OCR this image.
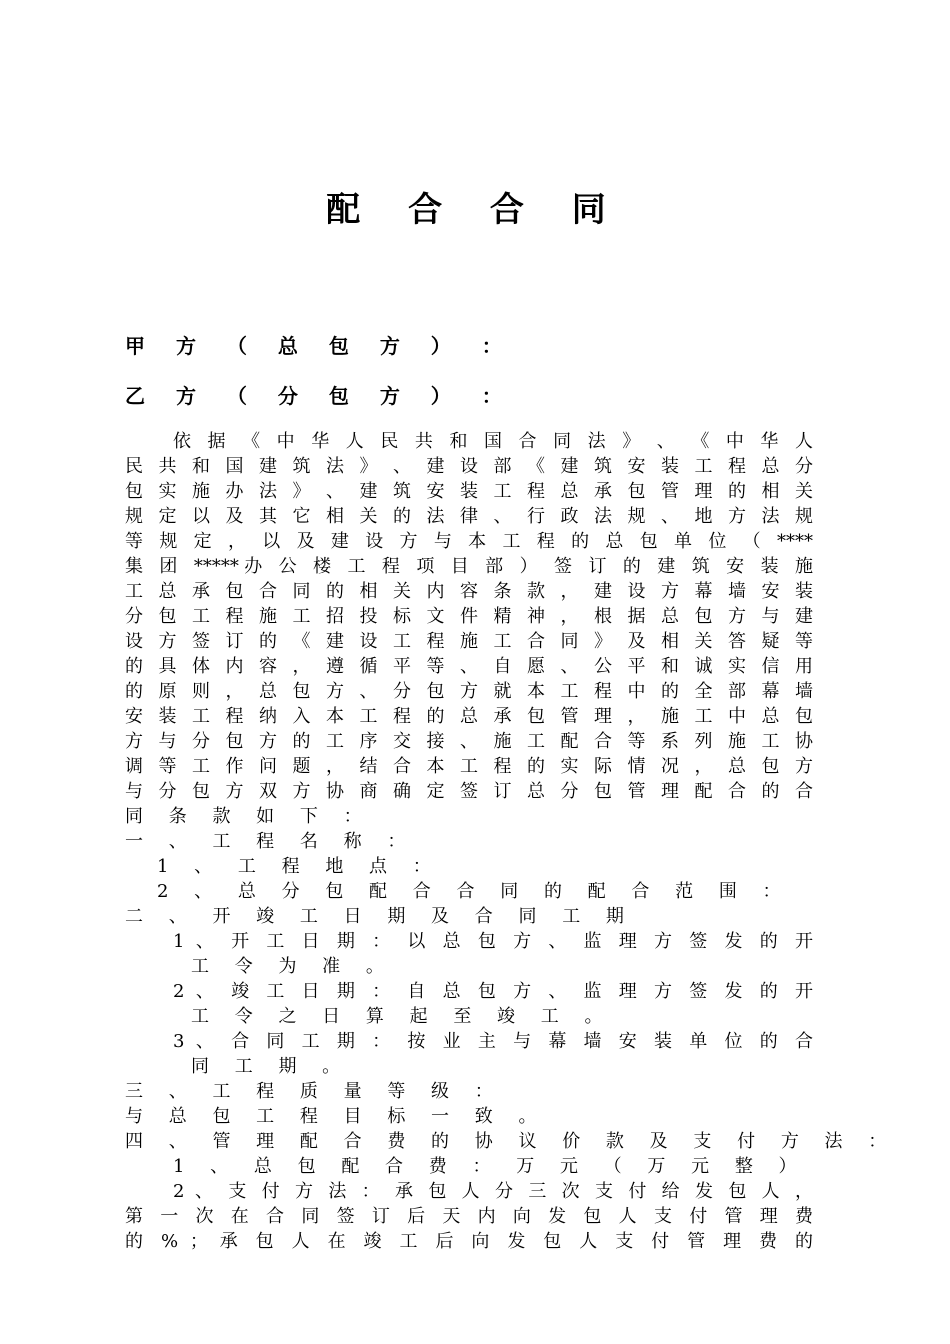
配 合 合 同
甲 方 （ 总 包 方 ） ：
乙 方 （ 分 包 方 ） ：
依 据 《 中 华 人 民 共 和 国 合 同 法 》 、 《 中 华 人
民 共 和 国 建 筑 法 》 、 建 设 部 《 建 筑 安 装 工 程 总 分
包 实 施 办 法 》 、 建 筑 安 装 工 程 总 承 包 管 理 的 相 关
规 定 以 及 其 它 相 关 的 法 律 、 行 政 法 规 、 地 方 法 规
等 规 定 ， 以 及 建 设 方 与 本 工 程 的 总 包 单 位 （ ****
集 团 *****办 公 楼 工 程 项 目 部 ） 签 订 的 建 筑 安 装 施
工 总 承 包 合 同 的 相 关 内 容 条 款 ， 建 设 方 幕 墙 安 装
分 包 工 程 施 工 招 投 标 文 件 精 神 ， 根 据 总 包 方 与 建
设 方 签 订 的 《 建 设 工 程 施 工 合 同 》 及 相 关 答 疑 等
的 具 体 内 容 ， 遵 循 平 等 、 自 愿 、 公 平 和 诚 实 信 用
的 原 则 ， 总 包 方 、 分 包 方 就 本 工 程 中 的 全 部 幕 墙
安 装 工 程 纳 入 本 工 程 的 总 承 包 管 理 ， 施 工 中 总 包
方 与 分 包 方 的 工 序 交 接 、 施 工 配 合 等 系 列 施 工 协
调 等 工 作 问 题 ， 结 合 本 工 程 的 实 际 情 况 ， 总 包 方
与 分 包 方 双 方 协 商 确 定 签 订 总 分 包 管 理 配 合 的 合
同 条 款 如 下 ：
一 、 工 程 名 称 ：
1 、 工 程 地 点 ：
2 、 总 分 包 配 合 合 同 的 配 合 范 围 ：
二 、 开 竣 工 日 期 及 合 同 工 期
1 、 开 工 日 期 ： 以 总 包 方 、 监 理 方 签 发 的 开
工 令 为 准 。
2 、 竣 工 日 期 ： 自 总 包 方 、 监 理 方 签 发 的 开
工 令 之 日 算 起 至 竣 工 。
3 、 合 同 工 期 ： 按 业 主 与 幕 墙 安 装 单 位 的 合
同 工 期 。
三 、 工 程 质 量 等 级 ：
与 总 包 工 程 目 标 一 致 。
四 、 管 理 配 合 费 的 协 议 价 款 及 支 付 方 法 ：
1 、 总 包 配 合 费 ： 万 元 （ 万 元 整 ）
2 、 支 付 方 法 ： 承 包 人 分 三 次 支 付 给 发 包 人 ，
第 一 次 在 合 同 签 订 后 天 内 向 发 包 人 支 付 管 理 费
的 % ； 承 包 人 在 竣 工 后 向 发 包 人 支 付 管 理 费 的
